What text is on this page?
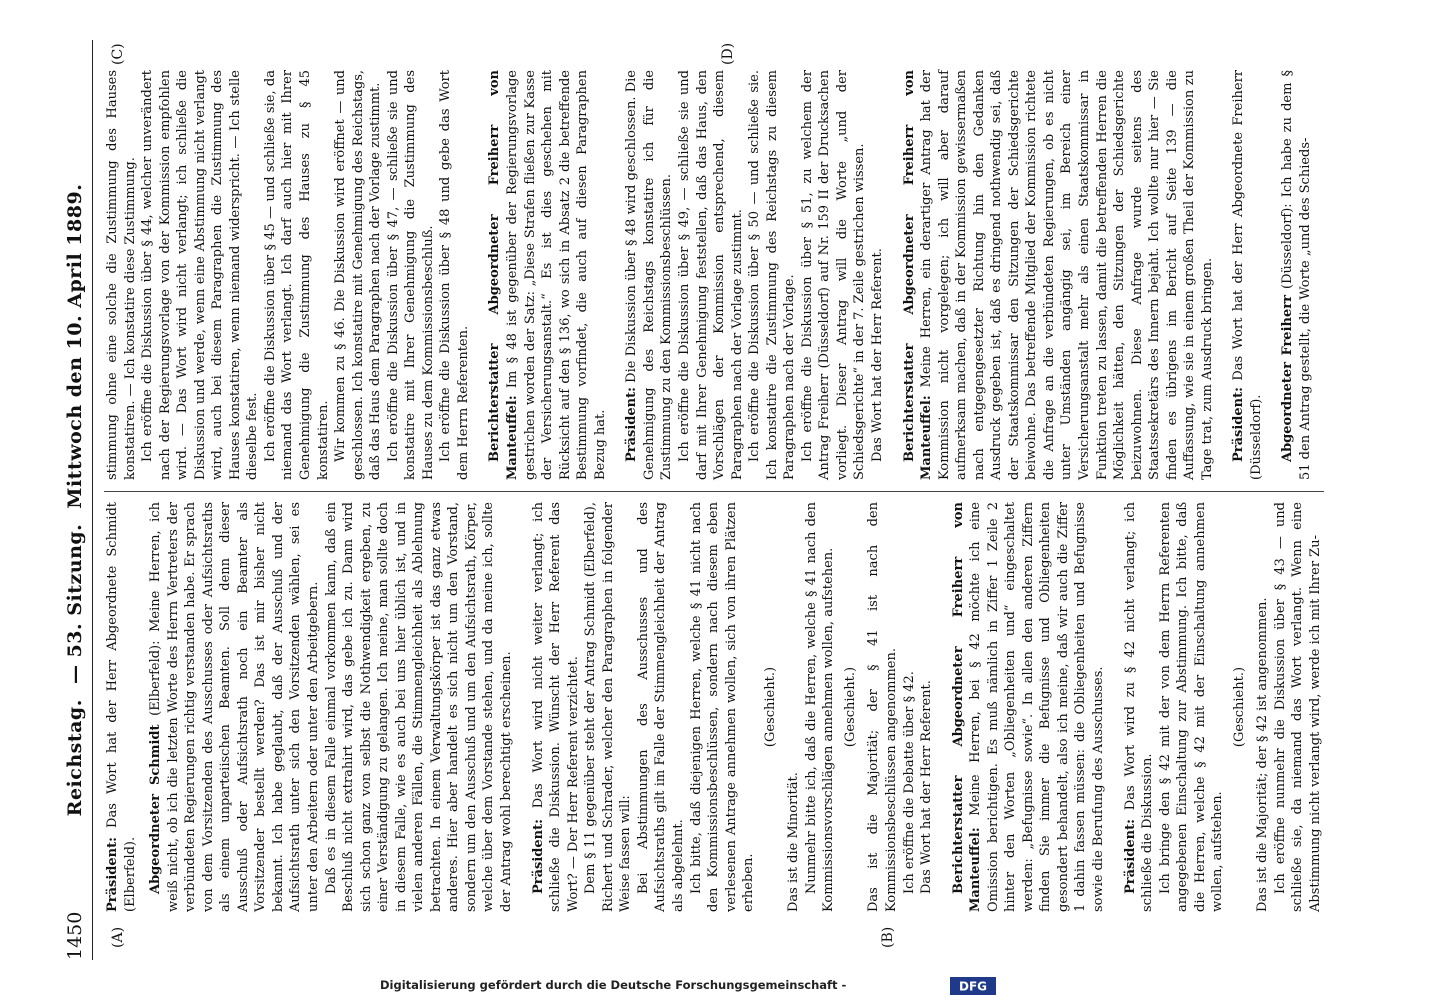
1450
Reichstag. — 53. Sitzung. Mittwoch den 10. April 1889.
(A)	(B)
(C)	(D)

Präsident: Das Wort hat der Herr Abgeordnete Schmidt (Elberfeld). Abgeordneter Schmidt (Elberfeld): Meine Herren, ich weiß nicht, ob ich die letzten Worte des Herrn Vertreters der verbündeten Regierungen richtig verstanden habe. Er sprach von dem Vorsitzenden des Ausschusses oder Aufsichtsraths als einem unparteiischen Beamten. Soll denn dieser Ausschuß oder Aufsichtsrath noch ein Beamter als Vorsitzender bestellt werden? Das ist mir bisher nicht bekannt. Ich habe geglaubt, daß der Ausschuß und der Aufsichtsrath unter sich den Vorsitzenden wählen, sei es unter den Arbeitern oder unter den Arbeitgebern. Daß es in diesem Falle einmal vorkommen kann, daß ein Beschluß nicht extrahirt wird, das gebe ich zu. Dann wird sich schon ganz von selbst die Nothwendigkeit ergeben, zu einer Verständigung zu gelangen. Ich meine, man sollte doch in diesem Falle, wie es auch bei uns hier üblich ist, und in vielen anderen Fällen, die Stimmengleichheit als Ablehnung betrachten. In einem Verwaltungskörper ist das ganz etwas anderes. Hier aber handelt es sich nicht um den Vorstand, sondern um den Ausschuß und um den Aufsichtsrath, Körper, welche über dem Vorstande stehen, und da meine ich, sollte der Antrag wohl berechtigt erscheinen. Präsident: Das Wort wird nicht weiter verlangt; ich schließe die Diskussion. Wünscht der Herr Referent das Wort? — Der Herr Referent verzichtet. Dem § 11 gegenüber steht der Antrag Schmidt (Elberfeld), Richert und Schrader, welcher den Paragraphen in folgender Weise fassen will: Bei Abstimmungen des Ausschusses und des Aufsichtsraths gilt im Falle der Stimmengleichheit der Antrag als abgelehnt. Ich bitte, daß diejenigen Herren, welche § 41 nicht nach den Kommissionsbeschlüssen, sondern nach diesem eben verlesenen Antrage annehmen wollen, sich von ihren Plätzen erheben.

(Geschieht.)

Das ist die Minorität. Nunmehr bitte ich, daß die Herren, welche § 41 nach den Kommissionsvorschlägen annehmen wollen, aufstehen. (Geschieht.) Das ist die Majorität; der § 41 ist nach den Kommissionsbeschlüssen angenommen. Ich eröffne die Debatte über § 42. Das Wort hat der Herr Referent. Berichterstatter Abgeordneter Freiherr von Manteuffel: Meine Herren, bei § 42 möchte ich eine Omission berichtigen. Es muß nämlich in Ziffer 1 Zeile 2 hinter den Worten „Obliegenheiten und“ eingeschaltet werden: „Befugnisse sowie“. In allen den anderen Ziffern finden Sie immer die Befugnisse und Obliegenheiten gesondert behandelt, also ich meine, daß wir auch die Ziffer 1 dahin fassen müssen: die Obliegenheiten und Befugnisse sowie die Berufung des Ausschusses. Präsident: Das Wort wird zu § 42 nicht verlangt; ich schließe die Diskussion. Ich bringe den § 42 mit der von dem Herrn Referenten angegebenen Einschaltung zur Abstimmung. Ich bitte, daß die Herren, welche § 42 mit der Einschaltung annehmen wollen, aufstehen.

(Geschieht.) Das ist die Majorität; der § 42 ist angenommen. Ich eröffne nunmehr die Diskussion über § 43 — und schließe sie, da niemand das Wort verlangt. Wenn eine Abstimmung nicht verlangt wird, werde ich mit Ihrer Zu-

stimmung ohne eine solche die Zustimmung des Hauses konstatiren. — Ich konstatire diese Zustimmung. Ich eröffne die Diskussion über § 44, welcher unverändert nach der Regierungsvorlage von der Kommission empfohlen wird. — Das Wort wird nicht verlangt; ich schließe die Diskussion und werde, wenn eine Abstimmung nicht verlangt wird, auch bei diesem Paragraphen die Zustimmung des Hauses konstatiren, wenn niemand widerspricht. — Ich stelle dieselbe fest. Ich eröffne die Diskussion über § 45 — und schließe sie, da niemand das Wort verlangt. Ich darf auch hier mit Ihrer Genehmigung die Zustimmung des Hauses zu § 45 konstatiren. Wir kommen zu § 46. Die Diskussion wird eröffnet — und geschlossen. Ich konstatire mit Genehmigung des Reichstags, daß das Haus dem Paragraphen nach der Vorlage zustimmt. Ich eröffne die Diskussion über § 47, — schließe sie und konstatire mit Ihrer Genehmigung die Zustimmung des Hauses zu dem Kommissionsbeschluß. Ich eröffne die Diskussion über § 48 und gebe das Wort dem Herrn Referenten. Berichterstatter Abgeordneter Freiherr von Manteuffel: Im § 48 ist gegenüber der Regierungsvorlage gestrichen worden der Satz: „Diese Strafen fließen zur Kasse der Versicherungsanstalt.“ Es ist dies geschehen mit Rücksicht auf den § 136, wo sich in Absatz 2 die betreffende Bestimmung vorfindet, die auch auf diesen Paragraphen Bezug hat. Präsident: Die Diskussion über § 48 wird geschlossen. Die Genehmigung des Reichstags konstatire ich für die Zustimmung zu den Kommissionsbeschlüssen. Ich eröffne die Diskussion über § 49, — schließe sie und darf mit Ihrer Genehmigung feststellen, daß das Haus, den Vorschlägen der Kommission entsprechend, diesem Paragraphen nach der Vorlage zustimmt. Ich eröffne die Diskussion über § 50 — und schließe sie. Ich konstatire die Zustimmung des Reichstags zu diesem Paragraphen nach der Vorlage. Ich eröffne die Diskussion über § 51, zu welchem der Antrag Freiherr (Düsseldorf) auf Nr. 159 II der Drucksachen vorliegt. Dieser Antrag will die Worte „und der Schiedsgerichte“ in der 7. Zeile gestrichen wissen. Das Wort hat der Herr Referent. Berichterstatter Abgeordneter Freiherr von Manteuffel: Meine Herren, ein derartiger Antrag hat der Kommission nicht vorgelegen; ich will aber darauf aufmerksam machen, daß in der Kommission gewissermaßen nach entgegengesetzter Richtung hin den Gedanken Ausdruck gegeben ist, daß es dringend nothwendig sei, daß der Staatskommissar den Sitzungen der Schiedsgerichte beiwohne. Das betreffende Mitglied der Kommission richtete die Anfrage an die verbündeten Regierungen, ob es nicht unter Umständen angängig sei, im Bereich einer Versicherungsanstalt mehr als einen Staatskommissar in Funktion treten zu lassen, damit die betreffenden Herren die Möglichkeit hätten, den Sitzungen der Schiedsgerichte beizuwohnen. Diese Anfrage wurde seitens des Staatssekretärs des Innern bejaht. Ich wollte nur hier — Sie finden es übrigens im Bericht auf Seite 139 — die Auffassung, wie sie in einem großen Theil der Kommission zu Tage trat, zum Ausdruck bringen. Präsident: Das Wort hat der Herr Abgeordnete Freiherr (Düsseldorf). Abgeordneter Freiherr (Düsseldorf): Ich habe zu dem § 51 den Antrag gestellt, die Worte „und des Schieds-

Digitalisierung gefördert durch die Deutsche Forschungsgemeinschaft -	DFG
